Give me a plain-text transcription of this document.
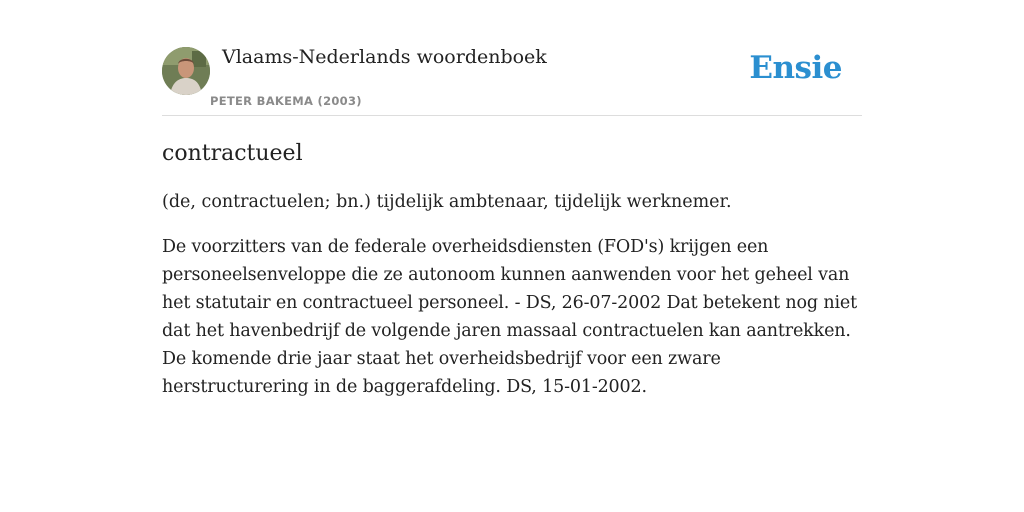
Vlaams-Nederlands woordenboek
PETER BAKEMA (2003)
Ensie
contractueel

(de, contractuelen; bn.) tijdelijk ambtenaar, tijdelijk werknemer.

De voorzitters van de federale overheidsdiensten (FOD's) krijgen een personeelsenveloppe die ze autonoom kunnen aanwenden voor het geheel van het statutair en contractueel personeel. - DS, 26-07-2002 Dat betekent nog niet dat het havenbedrijf de volgende jaren massaal contractuelen kan aantrekken. De komende drie jaar staat het overheidsbedrijf voor een zware herstructurering in de baggerafdeling. DS, 15-01-2002.
